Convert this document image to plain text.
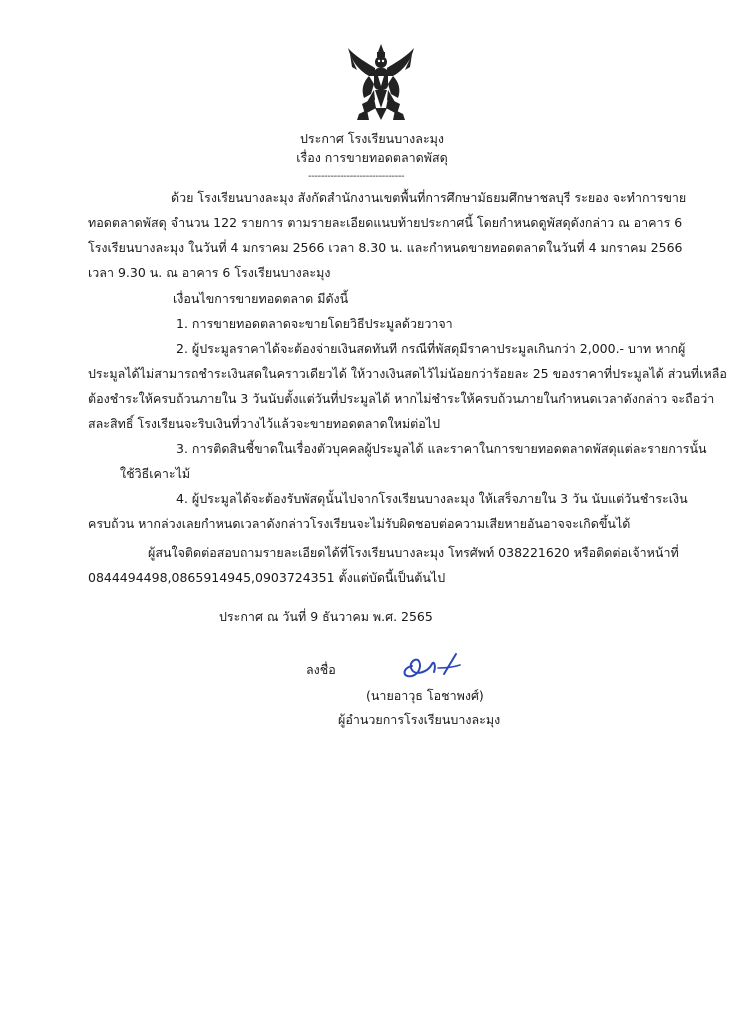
ประกาศ โรงเรียนบางละมุง
เรื่อง การขายทอดตลาดพัสดุ
------------------------------
ด้วย โรงเรียนบางละมุง สังกัดสำนักงานเขตพื้นที่การศึกษามัธยมศึกษาชลบุรี ระยอง จะทำการขาย
ทอดตลาดพัสดุ จำนวน 122 รายการ ตามรายละเอียดแนบท้ายประกาศนี้ โดยกำหนดดูพัสดุดังกล่าว ณ อาคาร 6
โรงเรียนบางละมุง ในวันที่ 4 มกราคม 2566 เวลา 8.30 น. และกำหนดขายทอดตลาดในวันที่ 4 มกราคม 2566
เวลา 9.30 น. ณ อาคาร 6 โรงเรียนบางละมุง
เงื่อนไขการขายทอดตลาด มีดังนี้
1. การขายทอดตลาดจะขายโดยวิธีประมูลด้วยวาจา
2. ผู้ประมูลราคาได้จะต้องจ่ายเงินสดทันที กรณีที่พัสดุมีราคาประมูลเกินกว่า 2,000.- บาท หากผู้
ประมูลได้ไม่สามารถชำระเงินสดในคราวเดียวได้ ให้วางเงินสดไว้ไม่น้อยกว่าร้อยละ 25 ของราคาที่ประมูลได้ ส่วนที่เหลือ
ต้องชำระให้ครบถ้วนภายใน 3 วันนับตั้งแต่วันที่ประมูลได้ หากไม่ชำระให้ครบถ้วนภายในกำหนดเวลาดังกล่าว จะถือว่า
สละสิทธิ์ โรงเรียนจะริบเงินที่วางไว้แล้วจะขายทอดตลาดใหม่ต่อไป
3. การติดสินชี้ขาดในเรื่องตัวบุคคลผู้ประมูลได้ และราคาในการขายทอดตลาดพัสดุแต่ละรายการนั้น
ใช้วิธีเคาะไม้
4. ผู้ประมูลได้จะต้องรับพัสดุนั้นไปจากโรงเรียนบางละมุง ให้เสร็จภายใน 3 วัน นับแต่วันชำระเงิน
ครบถ้วน หากล่วงเลยกำหนดเวลาดังกล่าวโรงเรียนจะไม่รับผิดชอบต่อความเสียหายอันอาจจะเกิดขึ้นได้
ผู้สนใจติดต่อสอบถามรายละเอียดได้ที่โรงเรียนบางละมุง โทรศัพท์ 038221620 หรือติดต่อเจ้าหน้าที่
0844494498,0865914945,0903724351 ตั้งแต่บัดนี้เป็นต้นไป
ประกาศ ณ วันที่ 9 ธันวาคม พ.ศ. 2565
ลงชื่อ
(นายอาวุธ โอชาพงศ์)
ผู้อำนวยการโรงเรียนบางละมุง
